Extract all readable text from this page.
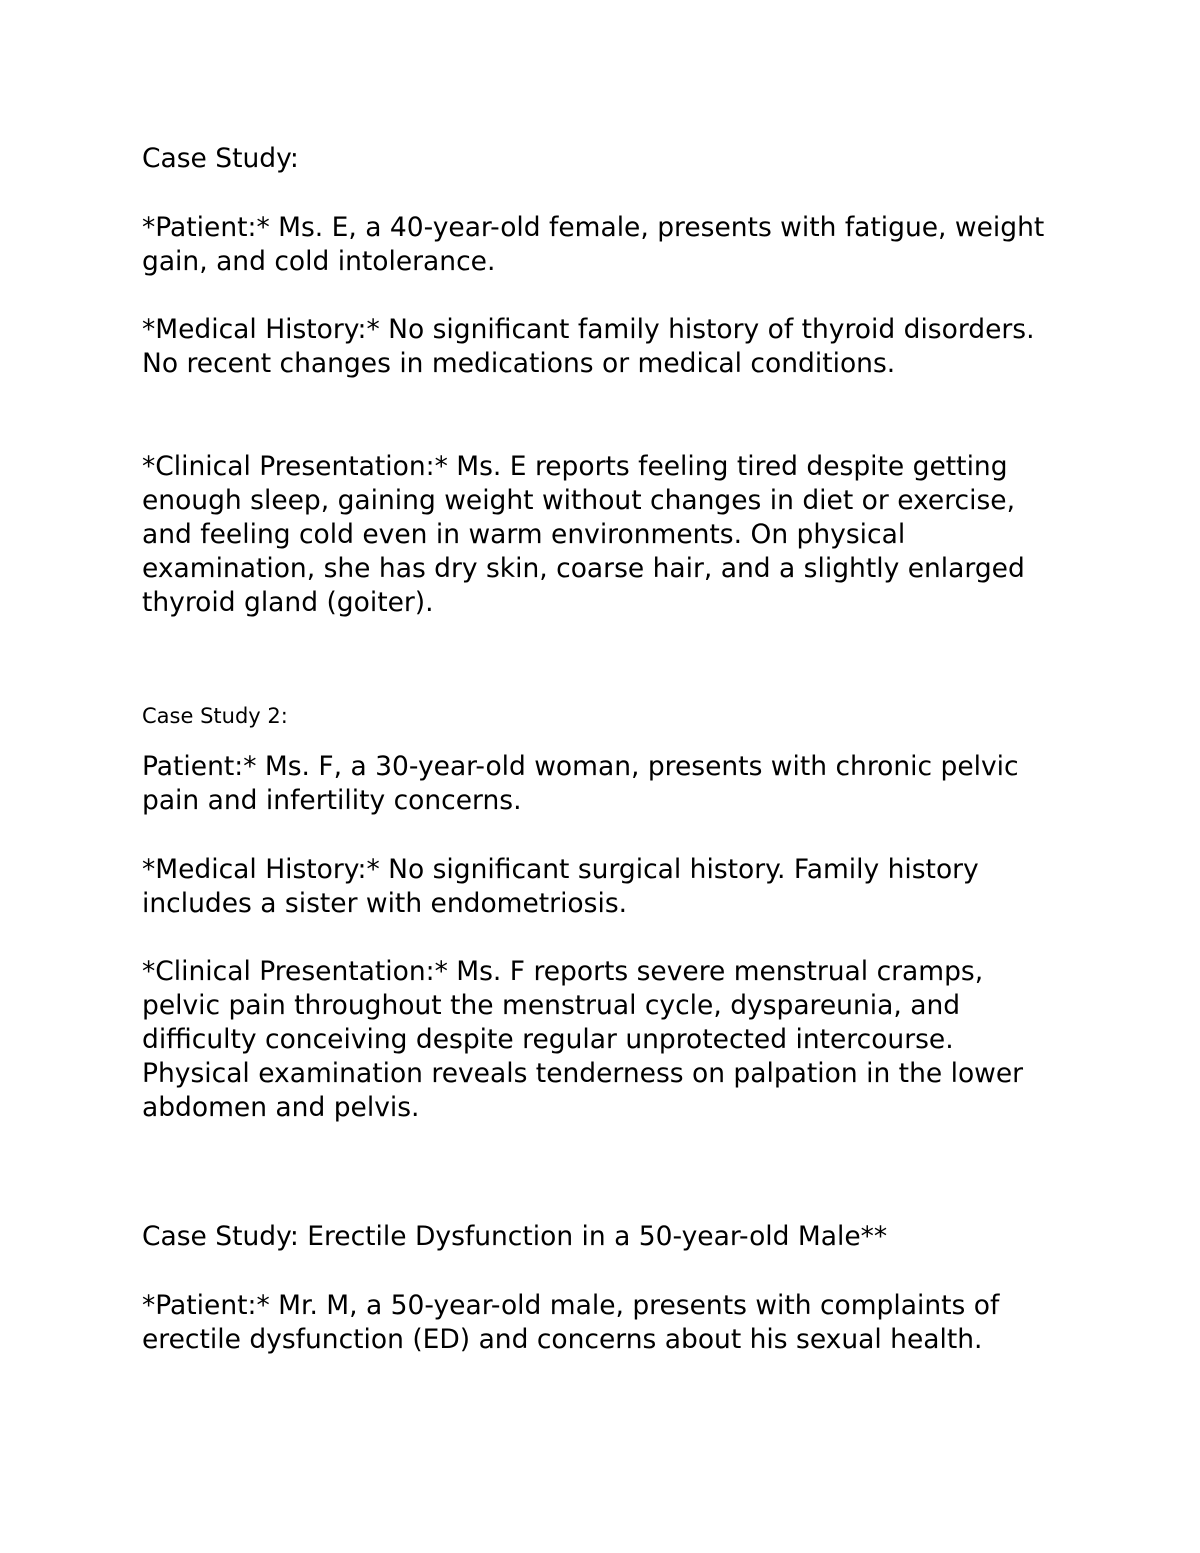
Case Study:

*Patient:* Ms. E, a 40-year-old female, presents with fatigue, weight gain, and cold intolerance.

*Medical History:* No significant family history of thyroid disorders. No recent changes in medications or medical conditions.

*Clinical Presentation:* Ms. E reports feeling tired despite getting enough sleep, gaining weight without changes in diet or exercise, and feeling cold even in warm environments. On physical examination, she has dry skin, coarse hair, and a slightly enlarged thyroid gland (goiter).

Case Study 2:

Patient:* Ms. F, a 30-year-old woman, presents with chronic pelvic pain and infertility concerns.

*Medical History:* No significant surgical history. Family history includes a sister with endometriosis.

*Clinical Presentation:* Ms. F reports severe menstrual cramps, pelvic pain throughout the menstrual cycle, dyspareunia, and difficulty conceiving despite regular unprotected intercourse. Physical examination reveals tenderness on palpation in the lower abdomen and pelvis.

Case Study: Erectile Dysfunction in a 50-year-old Male**

*Patient:* Mr. M, a 50-year-old male, presents with complaints of erectile dysfunction (ED) and concerns about his sexual health.
